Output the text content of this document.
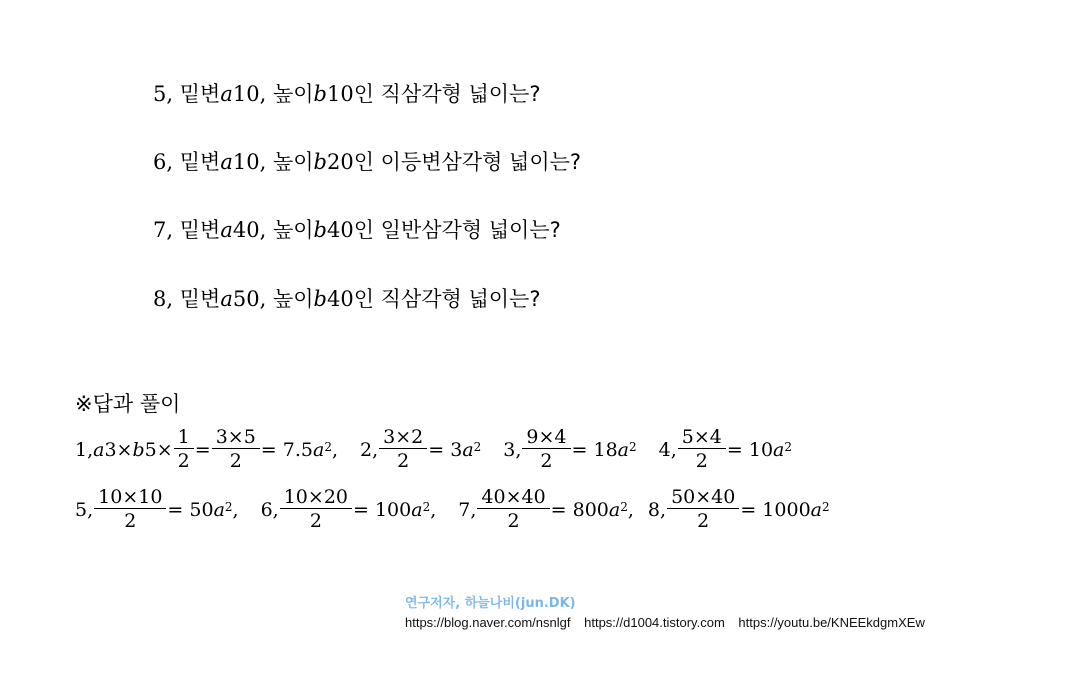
5, 밑변a10, 높이b10인 직삼각형 넓이는?
6, 밑변a10, 높이b20인 이등변삼각형 넓이는?
7, 밑변a40, 높이b40인 일반삼각형 넓이는?
8, 밑변a50, 높이b40인 직삼각형 넓이는?
※답과 풀이
1, a 3× b $5\times \frac{1}{2} = \frac{3\times 5}{2} = 7.5$ $a^2$ , 2, $\frac{3\times 2}{2} = 3$ $a^2$ 3, $\frac{9\times 4}{2} = 18$ $a^2$ 4, $\frac{5\times 4}{2} = 10$ $a^2$
5, $\frac{10\times 10}{2} = 50$ $a^2$ , 6, $\frac{10\times 20}{2} = 100$ $a^2$ , 7, $\frac{40\times 40}{2} = 800$ $a^2$ , 8, $\frac{50\times 40}{2} = 1000$ $a^2$
연구저자, 하늘나비(jun.DK)
https://blog.naver.com/nsnlgf https://d1004.tistory.com https://youtu.be/KNEEkdgmXEw
